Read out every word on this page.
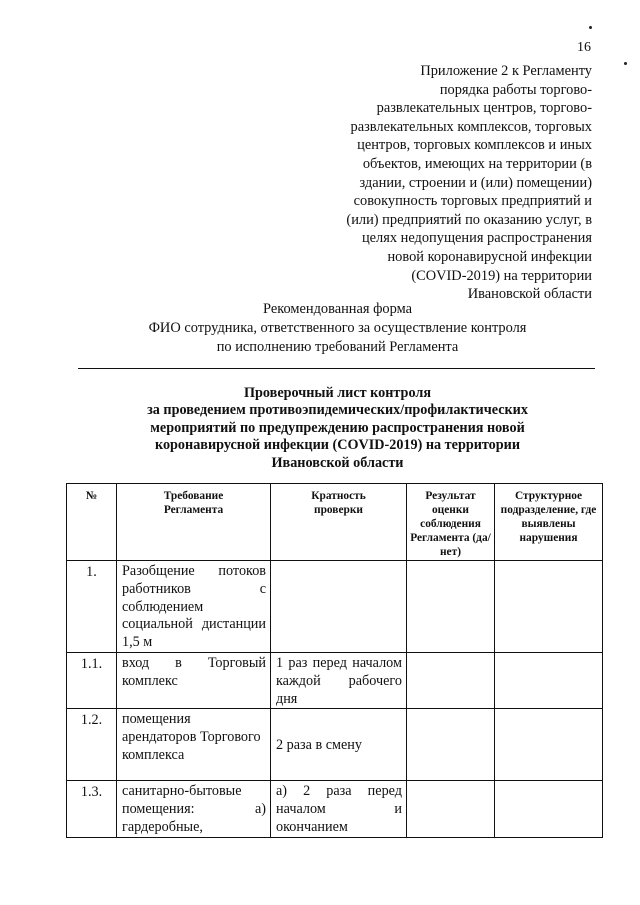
16
Приложение 2 к Регламенту
порядка работы торгово-
развлекательных центров, торгово-
развлекательных комплексов, торговых
центров, торговых комплексов и иных
объектов, имеющих на территории (в
здании, строении и (или) помещении)
совокупность торговых предприятий и
(или) предприятий по оказанию услуг, в
целях недопущения распространения
новой коронавирусной инфекции
(COVID-2019) на территории
Ивановской области
Рекомендованная форма
ФИО сотрудника, ответственного за осуществление контроля
по исполнению требований Регламента
Проверочный лист контроля
за проведением противоэпидемических/профилактических
мероприятий по предупреждению распространения новой
коронавирусной инфекции (COVID-2019) на территории
Ивановской области
№	Требование Регламента	Кратность проверки	Результат оценки соблюдения Регламента (да/нет)	Структурное подразделение, где выявлены нарушения
1.	Разобщение потоков работников с соблюдением социальной дистанции 1,5 м			
1.1.	вход в Торговый комплекс	1 раз перед началом каждой рабочего дня		
1.2.	помещения арендаторов Торгового комплекса	2 раза в смену		
1.3.	санитарно-бытовые помещения: а) гардеробные,	а) 2 раза перед началом и окончанием		
